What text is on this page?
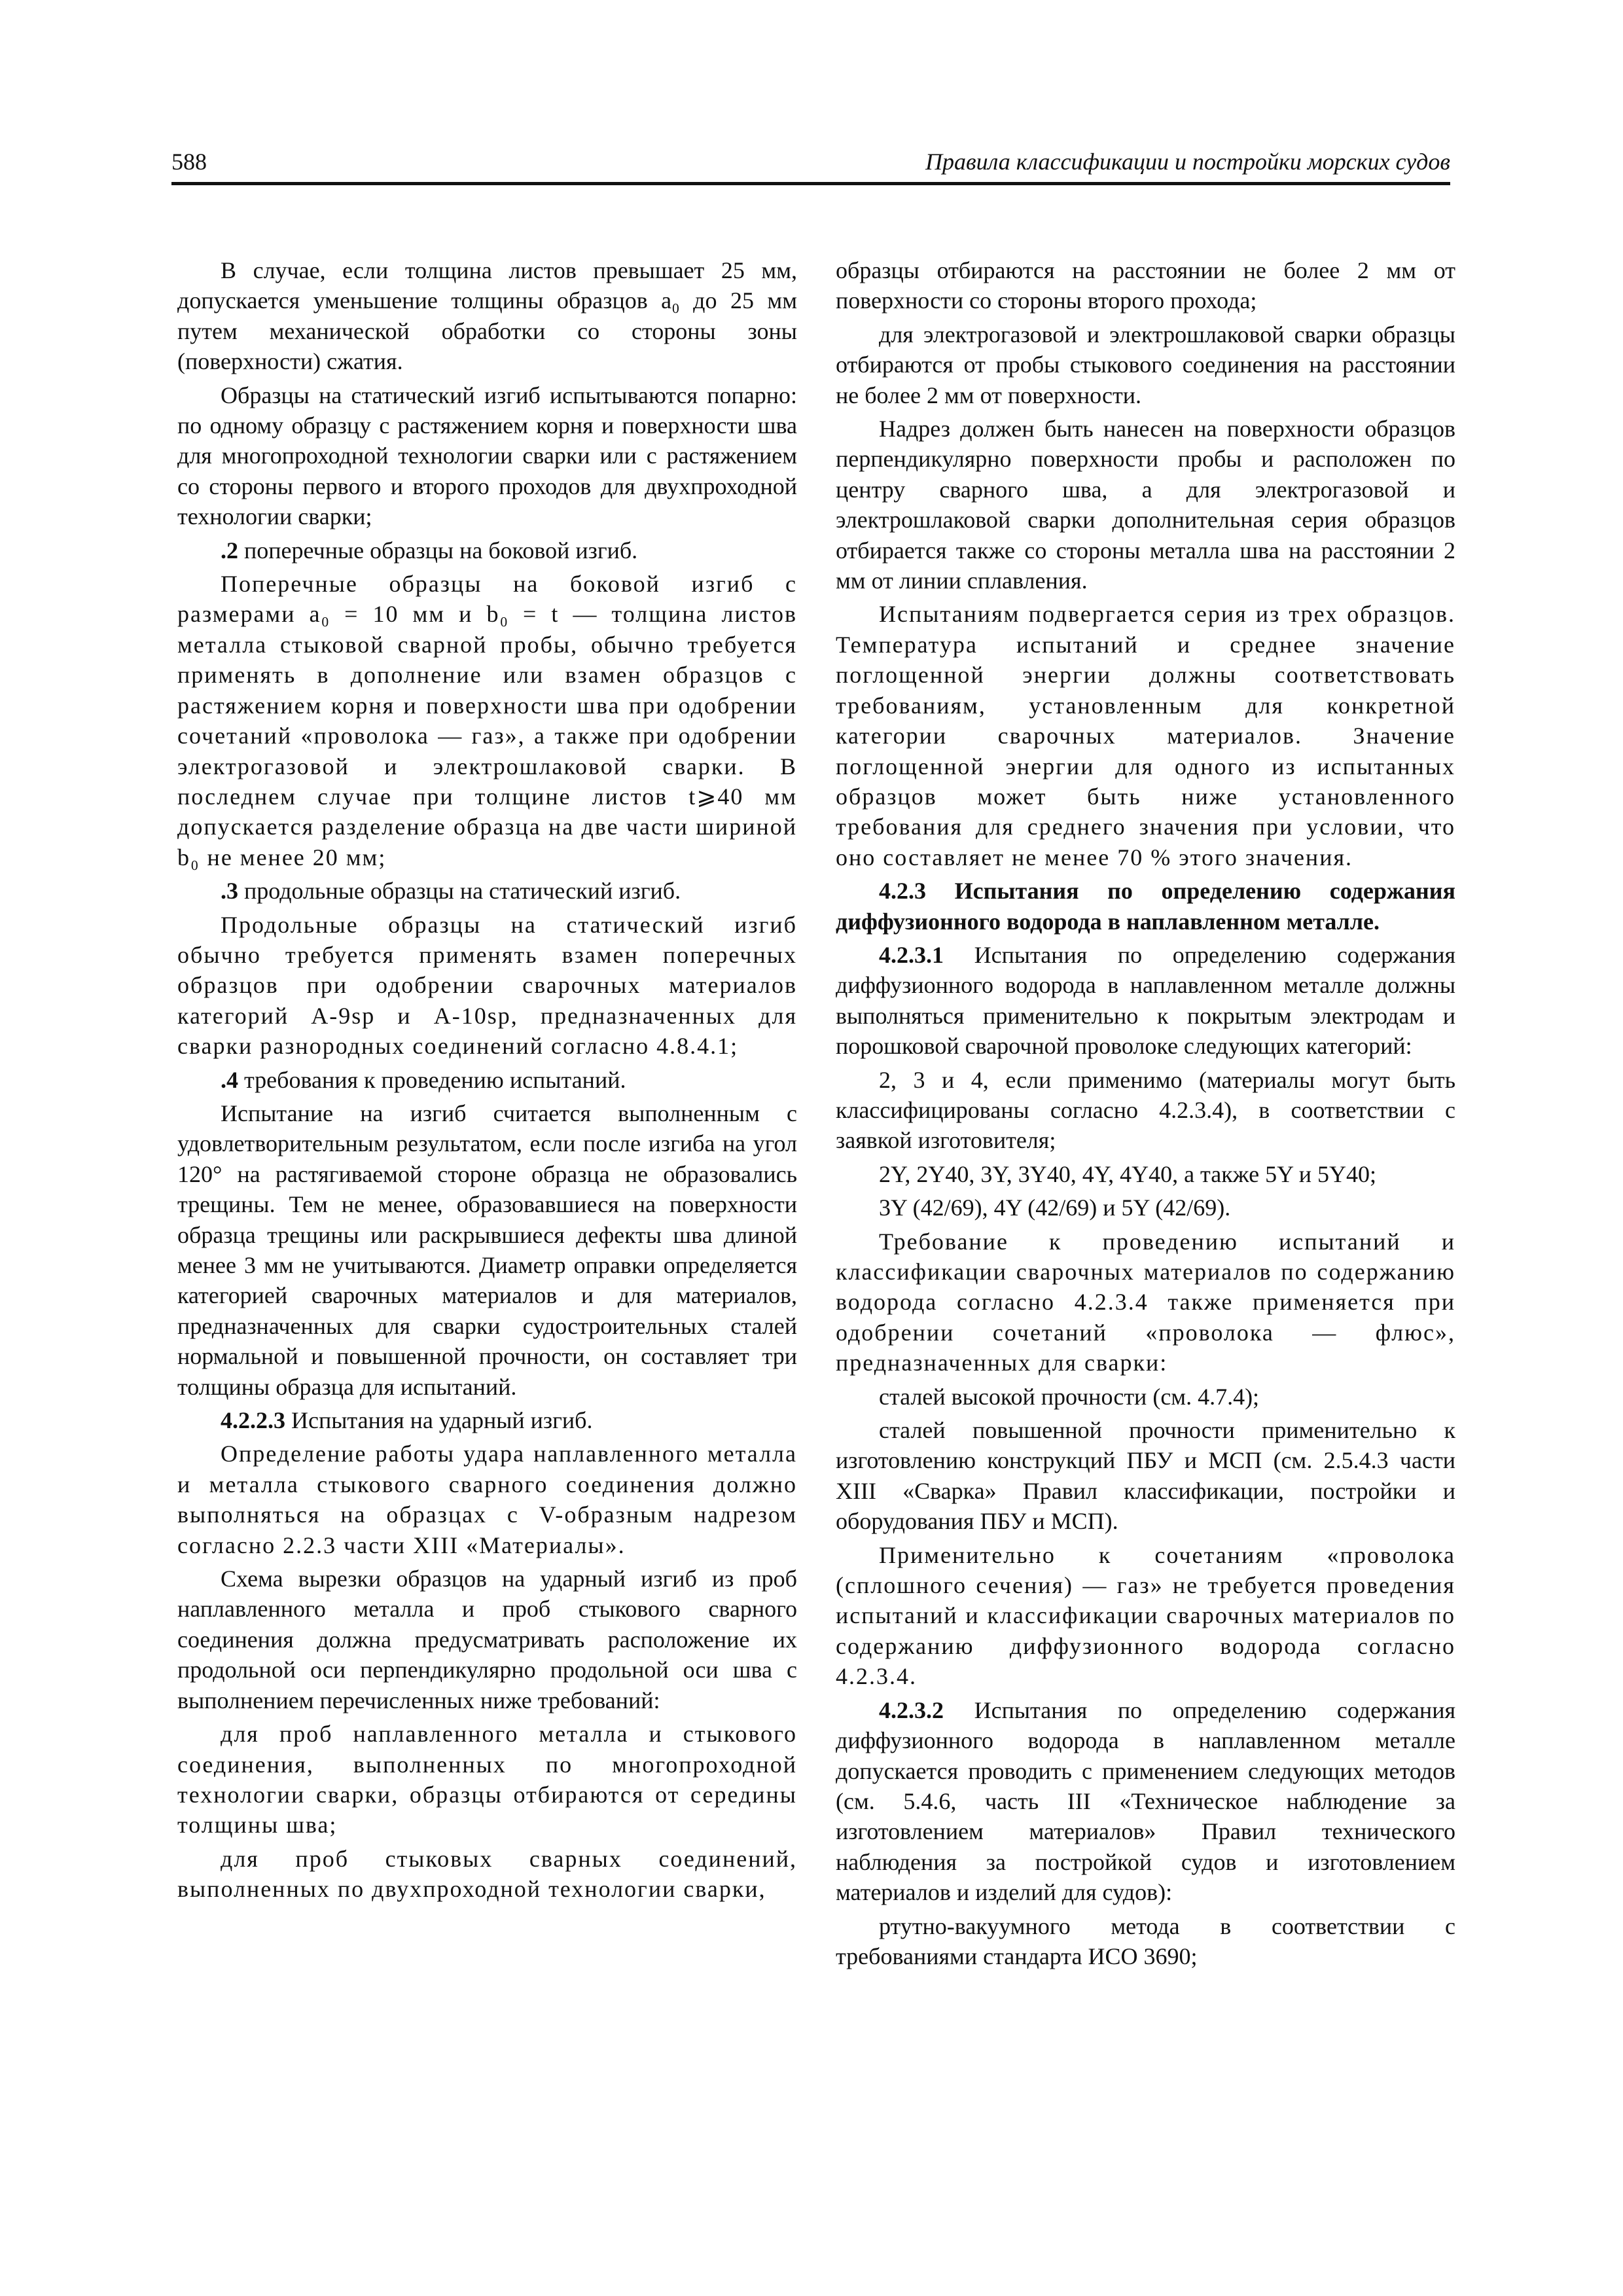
588	Правила классификации и постройки морских судов

В случае, если толщина листов превышает 25 мм, допускается уменьшение толщины образцов a₀ до 25 мм путем механической обработки со стороны зоны (поверхности) сжатия.

Образцы на статический изгиб испытываются попарно: по одному образцу с растяжением корня и поверхности шва для многопроходной технологии сварки или с растяжением со стороны первого и второго проходов для двухпроходной технологии сварки;

.2 поперечные образцы на боковой изгиб.

Поперечные образцы на боковой изгиб с размерами a₀ = 10 мм и b₀ = t — толщина листов металла стыковой сварной пробы, обычно требуется применять в дополнение или взамен образцов с растяжением корня и поверхности шва при одобрении сочетаний «проволока — газ», а также при одобрении электрогазовой и электрошлаковой сварки. В последнем случае при толщине листов t⩾40 мм допускается разделение образца на две части шириной b₀ не менее 20 мм;

.3 продольные образцы на статический изгиб.

Продольные образцы на статический изгиб обычно требуется применять взамен поперечных образцов при одобрении сварочных материалов категорий A-9sp и A-10sp, предназначенных для сварки разнородных соединений согласно 4.8.4.1;

.4 требования к проведению испытаний.

Испытание на изгиб считается выполненным с удовлетворительным результатом, если после изгиба на угол 120° на растягиваемой стороне образца не образовались трещины. Тем не менее, образовавшиеся на поверхности образца трещины или раскрывшиеся дефекты шва длиной менее 3 мм не учитываются. Диаметр оправки определяется категорией сварочных материалов и для материалов, предназначенных для сварки судостроительных сталей нормальной и повышенной прочности, он составляет три толщины образца для испытаний.

4.2.2.3 Испытания на ударный изгиб.

Определение работы удара наплавленного металла и металла стыкового сварного соединения должно выполняться на образцах с V-образным надрезом согласно 2.2.3 части XIII «Материалы».

Схема вырезки образцов на ударный изгиб из проб наплавленного металла и проб стыкового сварного соединения должна предусматривать расположение их продольной оси перпендикулярно продольной оси шва с выполнением перечисленных ниже требований:

для проб наплавленного металла и стыкового соединения, выполненных по многопроходной технологии сварки, образцы отбираются от середины толщины шва;

для проб стыковых сварных соединений, выполненных по двухпроходной технологии сварки,

образцы отбираются на расстоянии не более 2 мм от поверхности со стороны второго прохода;

для электрогазовой и электрошлаковой сварки образцы отбираются от пробы стыкового соединения на расстоянии не более 2 мм от поверхности.

Надрез должен быть нанесен на поверхности образцов перпендикулярно поверхности пробы и расположен по центру сварного шва, а для электрогазовой и электрошлаковой сварки дополнительная серия образцов отбирается также со стороны металла шва на расстоянии 2 мм от линии сплавления.

Испытаниям подвергается серия из трех образцов. Температура испытаний и среднее значение поглощенной энергии должны соответствовать требованиям, установленным для конкретной категории сварочных материалов. Значение поглощенной энергии для одного из испытанных образцов может быть ниже установленного требования для среднего значения при условии, что оно составляет не менее 70 % этого значения.

4.2.3 Испытания по определению содержания диффузионного водорода в наплавленном металле.

4.2.3.1 Испытания по определению содержания диффузионного водорода в наплавленном металле должны выполняться применительно к покрытым электродам и порошковой сварочной проволоке следующих категорий:

2, 3 и 4, если применимо (материалы могут быть классифицированы согласно 4.2.3.4), в соответствии с заявкой изготовителя;

2Y, 2Y40, 3Y, 3Y40, 4Y, 4Y40, а также 5Y и 5Y40;

3Y (42/69), 4Y (42/69) и 5Y (42/69).

Требование к проведению испытаний и классификации сварочных материалов по содержанию водорода согласно 4.2.3.4 также применяется при одобрении сочетаний «проволока — флюс», предназначенных для сварки:

сталей высокой прочности (см. 4.7.4);

сталей повышенной прочности применительно к изготовлению конструкций ПБУ и МСП (см. 2.5.4.3 части XIII «Сварка» Правил классификации, постройки и оборудования ПБУ и МСП).

Применительно к сочетаниям «проволока (сплошного сечения) — газ» не требуется проведения испытаний и классификации сварочных материалов по содержанию диффузионного водорода согласно 4.2.3.4.

4.2.3.2 Испытания по определению содержания диффузионного водорода в наплавленном металле допускается проводить с применением следующих методов (см. 5.4.6, часть III «Техническое наблюдение за изготовлением материалов» Правил технического наблюдения за постройкой судов и изготовлением материалов и изделий для судов):

ртутно-вакуумного метода в соответствии с требованиями стандарта ИСО 3690;
